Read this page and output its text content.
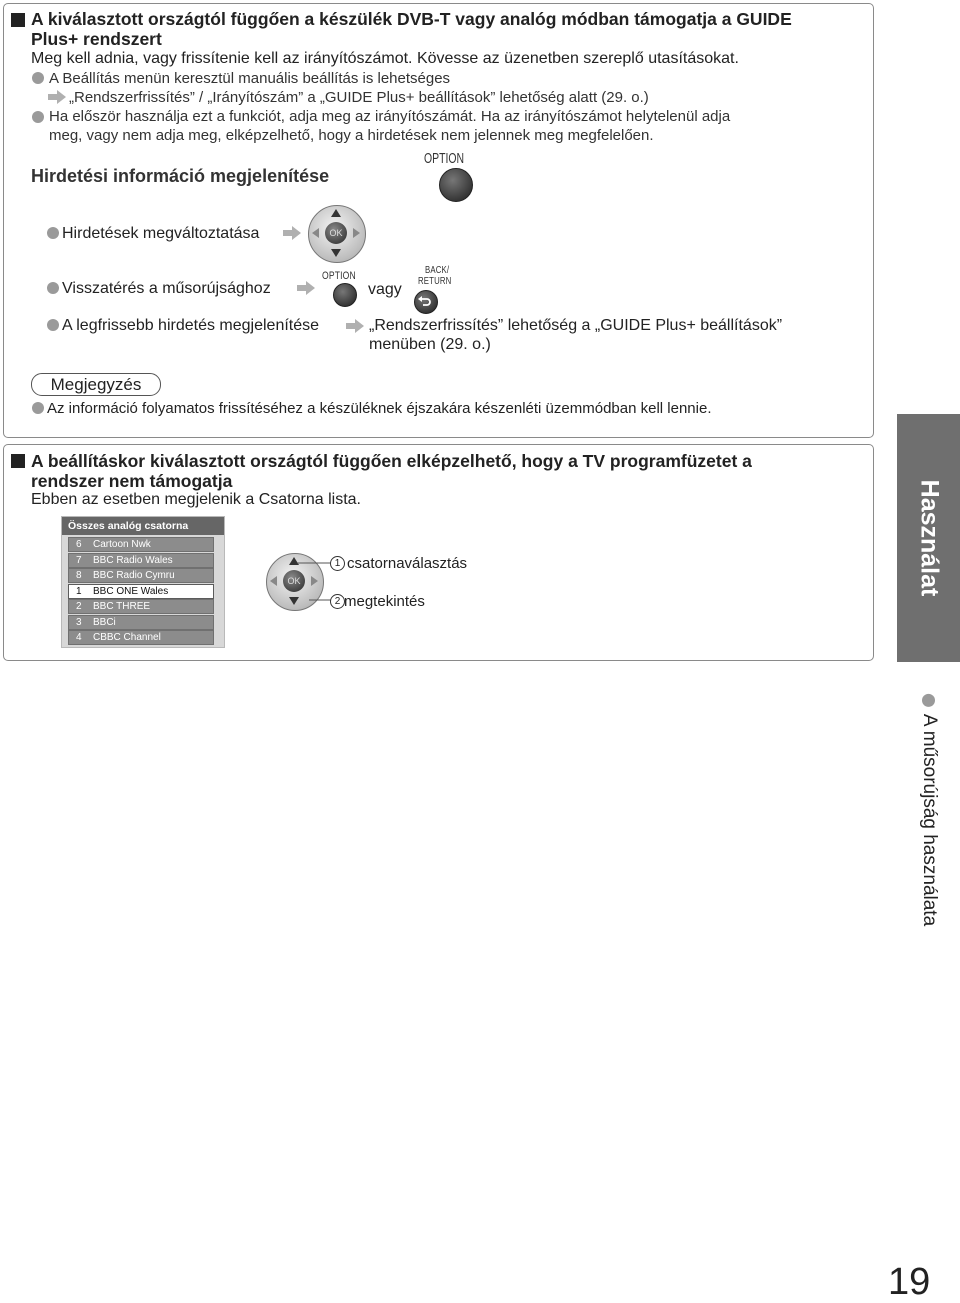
A kiválasztott országtól függően a készülék DVB-T vagy analóg módban támogatja a GUIDE
Plus+ rendszert
Meg kell adnia, vagy frissítenie kell az irányítószámot. Kövesse az üzenetben szereplő utasításokat.
A Beállítás menün keresztül manuális beállítás is lehetséges
„Rendszerfrissítés” / „Irányítószám” a „GUIDE Plus+ beállítások” lehetőség alatt (29. o.)
Ha először használja ezt a funkciót, adja meg az irányítószámát. Ha az irányítószámot helytelenül adja
meg, vagy nem adja meg, elképzelhető, hogy a hirdetések nem jelennek meg megfelelően.
Hirdetési információ megjelenítése
OPTION
Hirdetések megváltoztatása	OK
Visszatérés a műsorújsághoz
OPTION
vagy
BACK/
RETURN
A legfrissebb hirdetés megjelenítése	„Rendszerfrissítés” lehetőség a „GUIDE Plus+ beállítások”
menüben (29. o.)
Megjegyzés
Az információ folyamatos frissítéséhez a készüléknek éjszakára készenléti üzemmódban kell lennie.
A beállításkor kiválasztott országtól függően elképzelhető, hogy a TV programfüzetet a
rendszer nem támogatja
Ebben az esetben megjelenik a Csatorna lista.
Összes analóg csatorna
6 Cartoon Nwk
7 BBC Radio Wales
8 BBC Radio Cymru
1 BBC ONE Wales
2 BBC THREE
3 BBCi
4 CBBC Channel
OK
1 csatornaválasztás
2 megtekintés
Használat
A műsorújság használata
19
